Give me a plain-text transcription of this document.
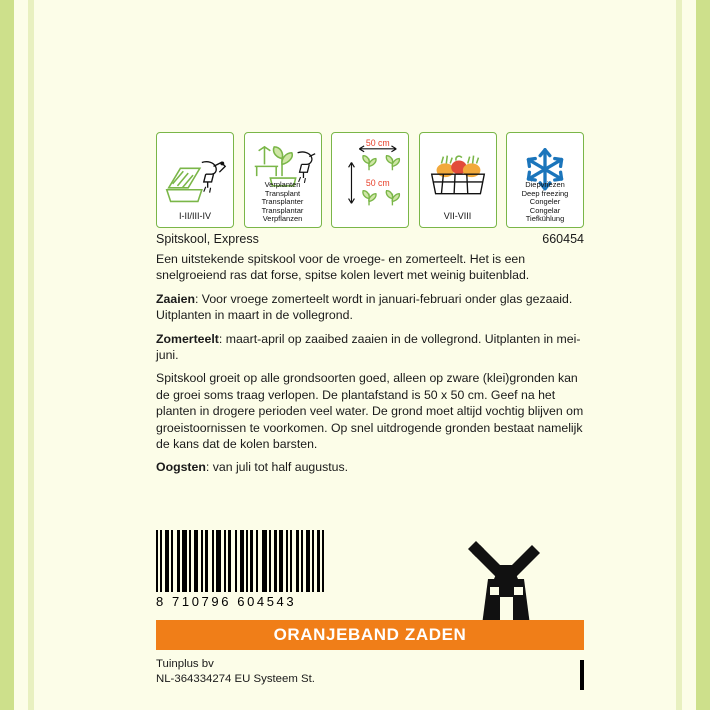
I-II/III-IV
Verplanten
Transplant
Transplanter
Transplantar
Verpflanzen
50 cm
50 cm
VII-VIII
Diepvriezen
Deep freezing
Congeler
Congelar
Tiefkühlung
Spitskool, Express	660454

Een uitstekende spitskool voor de vroege- en zomerteelt. Het is een snelgroeiend ras dat forse, spitse kolen levert met weinig buitenblad.

Zaaien: Voor vroege zomerteelt wordt in januari-februari onder glas gezaaid. Uitplanten in maart in de vollegrond.

Zomerteelt: maart-april op zaaibed zaaien in de vollegrond. Uitplanten in mei-juni.

Spitskool groeit op alle grondsoorten goed, alleen op zware (klei)gronden kan de groei soms traag verlopen. De plantafstand is 50 x 50 cm. Geef na het planten in drogere perioden veel water. De grond moet altijd vochtig blijven om groeistoornissen te voorkomen. Op snel uitdrogende gronden bestaat namelijk de kans dat de kolen barsten.

Oogsten: van juli tot half augustus.

8 710796 604543
ORANJEBAND ZADEN
Tuinplus bv
NL-364334274 EU Systeem St.
